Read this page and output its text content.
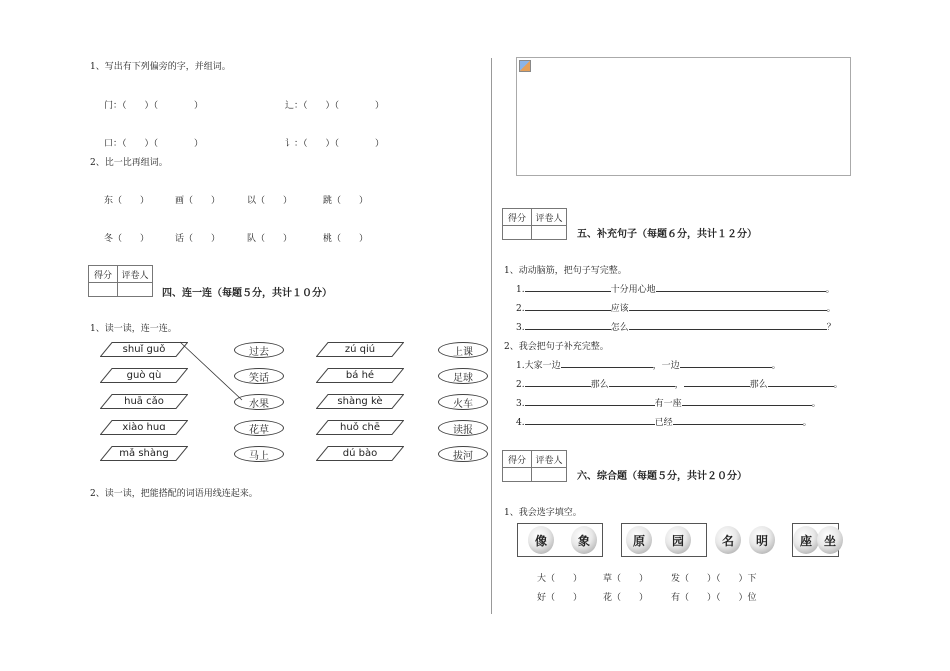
1、写出有下列偏旁的字，并组词。
门：（　　）（　　　　）	辶：（　　）（　　　　）
口：（　　）（　　　　）	讠：（　　）（　　　　）
2、比一比再组词。
东（　　）	画（　　）	以（　　）	跳（　　）
冬（　　）	话（　　）	队（　　）	桃（　　）
得分	评卷人
四、连一连（每题５分，共计１０分）
1、读一读，连一连。
shuǐ guǒ
guò qù
huā cǎo
xiào huɑ
mǎ shàng
过去
笑话
水果
花草
马上
zú qiú
bá hé
shàng kè
huǒ chē
dú bào
上课
足球
火车
读报
拔河
2、读一读，把能搭配的词语用线连起来。
得分	评卷人
五、补充句子（每题６分，共计１２分）
1、动动脑筋，把句子写完整。
1.	十分用心地	。
2.	应该	。
3.	怎么	？
2、我会把句子补充完整。
1.大家一边	，一边	。
2.	那么	，	那么	。
3.	有一座	。
4.	已经	。
得分	评卷人
六、综合题（每题５分，共计２０分）
1、我会选字填空。
像	象	原	园	名	明	座 坐
大（　　） 草（　　）	发（　　）（　　）下
好（　　） 花（　　）	有（　　）（　　）位
